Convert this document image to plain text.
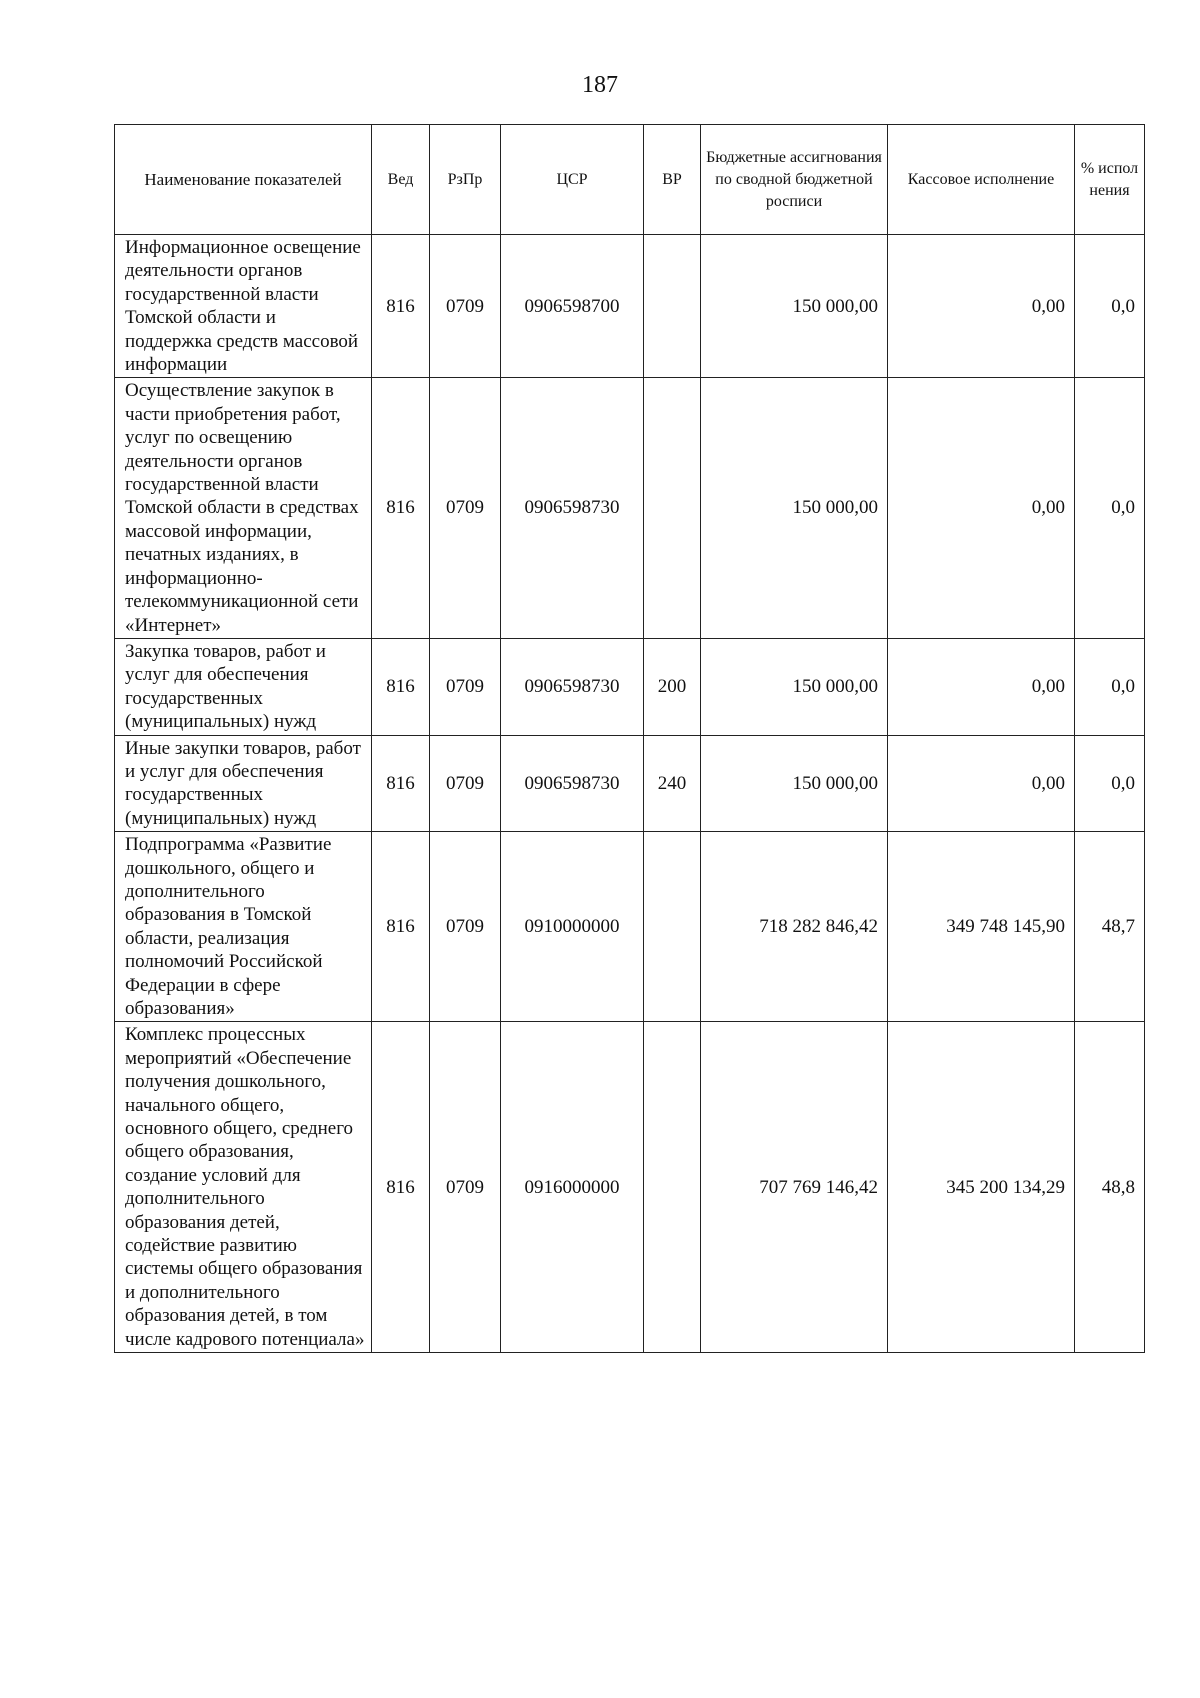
187
Наименование показателей	Вед	РзПр	ЦСР	ВР	Бюджетные ассигнования по сводной бюджетной росписи	Кассовое исполнение	% испол нения
Информационное освещение деятельности органов государственной власти Томской области и поддержка средств массовой информации	816	0709	0906598700		150 000,00	0,00	0,0
Осуществление закупок в части приобретения работ, услуг по освещению деятельности органов государственной власти Томской области в средствах массовой информации, печатных изданиях, в информационно-телекоммуникационной сети «Интернет»	816	0709	0906598730		150 000,00	0,00	0,0
Закупка товаров, работ и услуг для обеспечения государственных (муниципальных) нужд	816	0709	0906598730	200	150 000,00	0,00	0,0
Иные закупки товаров, работ и услуг для обеспечения государственных (муниципальных) нужд	816	0709	0906598730	240	150 000,00	0,00	0,0
Подпрограмма «Развитие дошкольного, общего и дополнительного образования в Томской области, реализация полномочий Российской Федерации в сфере образования»	816	0709	0910000000		718 282 846,42	349 748 145,90	48,7
Комплекс процессных мероприятий «Обеспечение получения дошкольного, начального общего, основного общего, среднего общего образования, создание условий для дополнительного образования детей, содействие развитию системы общего образования и дополнительного образования детей, в том числе кадрового потенциала»	816	0709	0916000000		707 769 146,42	345 200 134,29	48,8
